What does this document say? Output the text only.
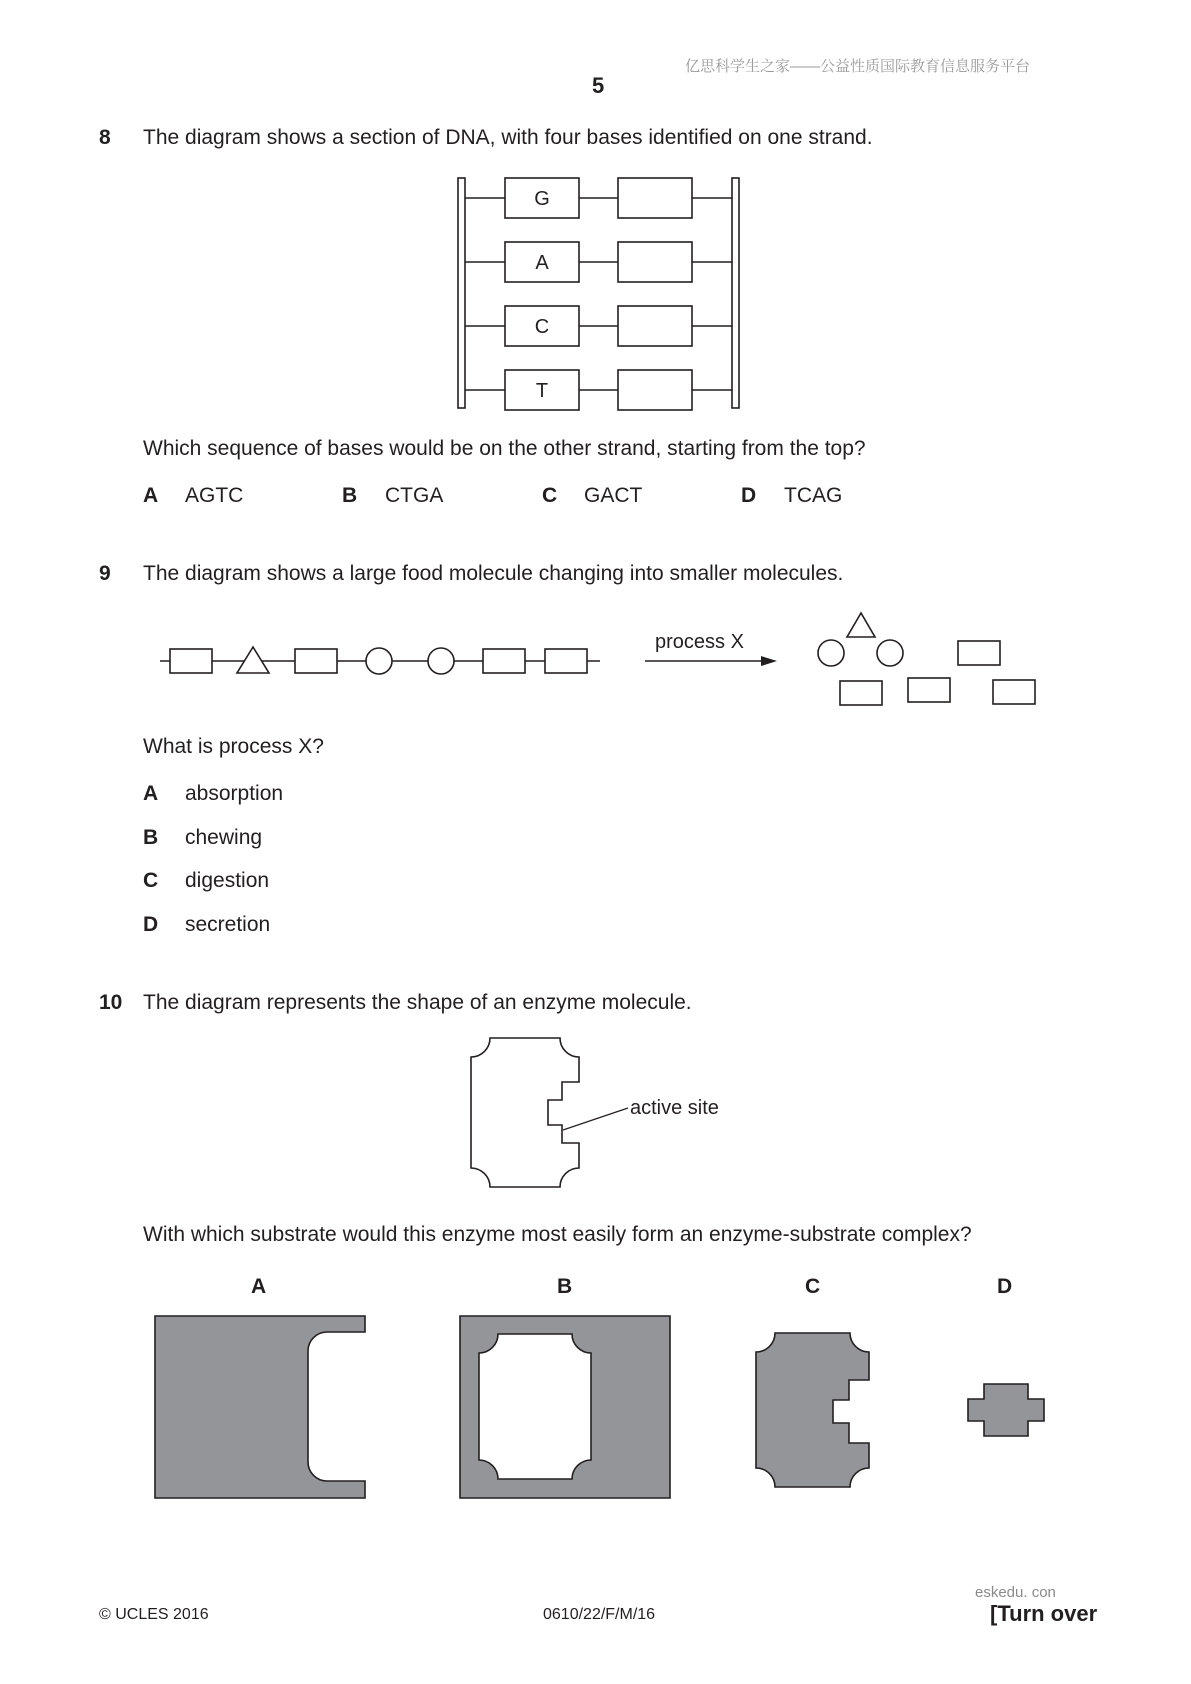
亿思科学生之家——公益性质国际教育信息服务平台
5
8 The diagram shows a section of DNA, with four bases identified on one strand.
G
A
C
T
Which sequence of bases would be on the other strand, starting from the top?
A AGTC	B CTGA	C GACT	D TCAG
9 The diagram shows a large food molecule changing into smaller molecules.
process X
What is process X?
A absorption
B chewing
C digestion
D secretion
10 The diagram represents the shape of an enzyme molecule.
active site
With which substrate would this enzyme most easily form an enzyme-substrate complex?
A	B	C	D
eskedu. con
© UCLES 2016	0610/22/F/M/16	[Turn over
